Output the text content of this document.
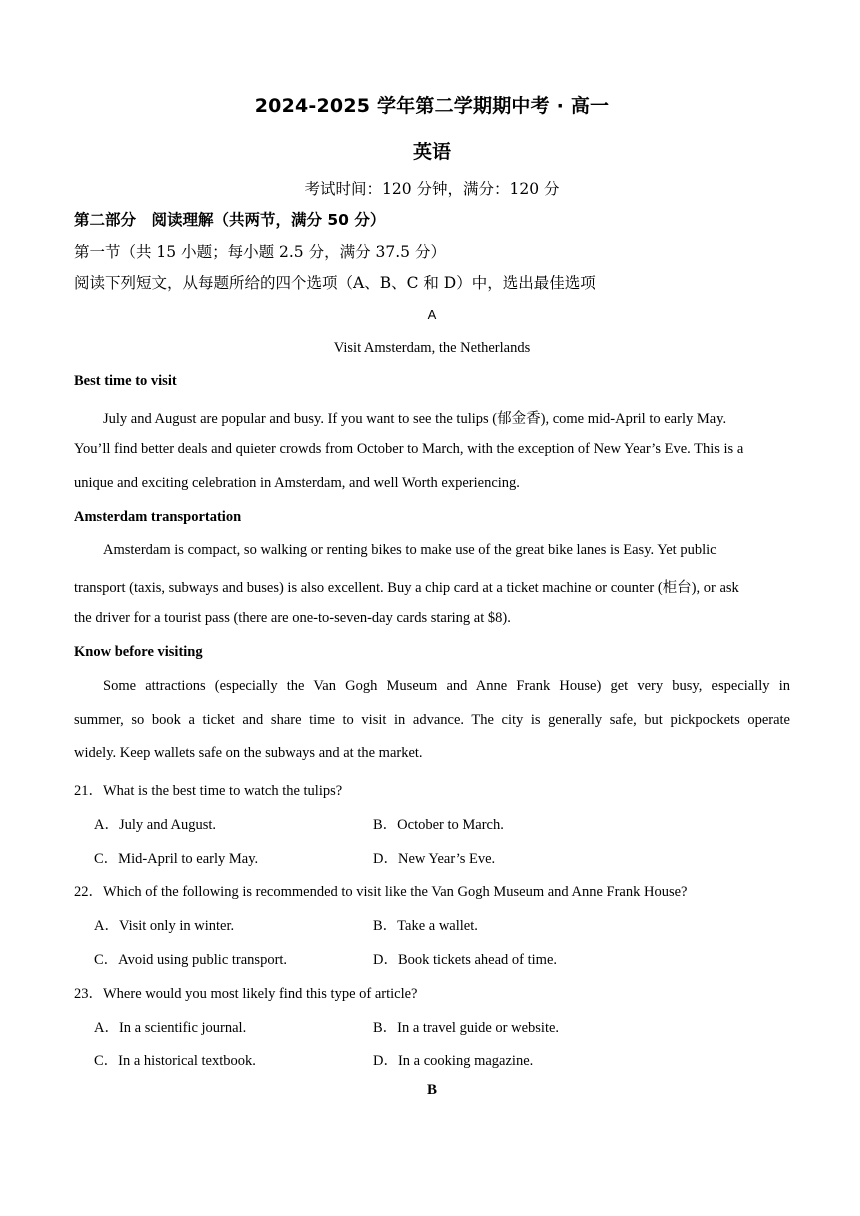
2024-2025 学年第二学期期中考 · 高一
英语
考试时间：120 分钟，满分：120 分
第二部分　阅读理解（共两节，满分 50 分）
第一节（共 15 小题；每小题 2.5 分，满分 37.5 分）
阅读下列短文，从每题所给的四个选项（A、B、C 和 D）中，选出最佳选项
A
Visit Amsterdam, the Netherlands
Best time to visit
July and August are popular and busy. If you want to see the tulips (郁金香), come mid-April to early May.
You’ll find better deals and quieter crowds from October to March, with the exception of New Year’s Eve. This is a
unique and exciting celebration in Amsterdam, and well Worth experiencing.
Amsterdam transportation
Amsterdam is compact, so walking or renting bikes to make use of the great bike lanes is Easy. Yet public
transport (taxis, subways and buses) is also excellent. Buy a chip card at a ticket machine or counter (柜台), or ask
the driver for a tourist pass (there are one-to-seven-day cards staring at $8).
Know before visiting
Some attractions (especially the Van Gogh Museum and Anne Frank House) get very busy, especially in
summer, so book a ticket and share time to visit in advance. The city is generally safe, but pickpockets operate
widely. Keep wallets safe on the subways and at the market.
21．What is the best time to watch the tulips?
A．July and August.	B．October to March.
C．Mid-April to early May.	D．New Year’s Eve.
22．Which of the following is recommended to visit like the Van Gogh Museum and Anne Frank House?
A．Visit only in winter.	B．Take a wallet.
C．Avoid using public transport.	D．Book tickets ahead of time.
23．Where would you most likely find this type of article?
A．In a scientific journal.	B．In a travel guide or website.
C．In a historical textbook.	D．In a cooking magazine.
B
